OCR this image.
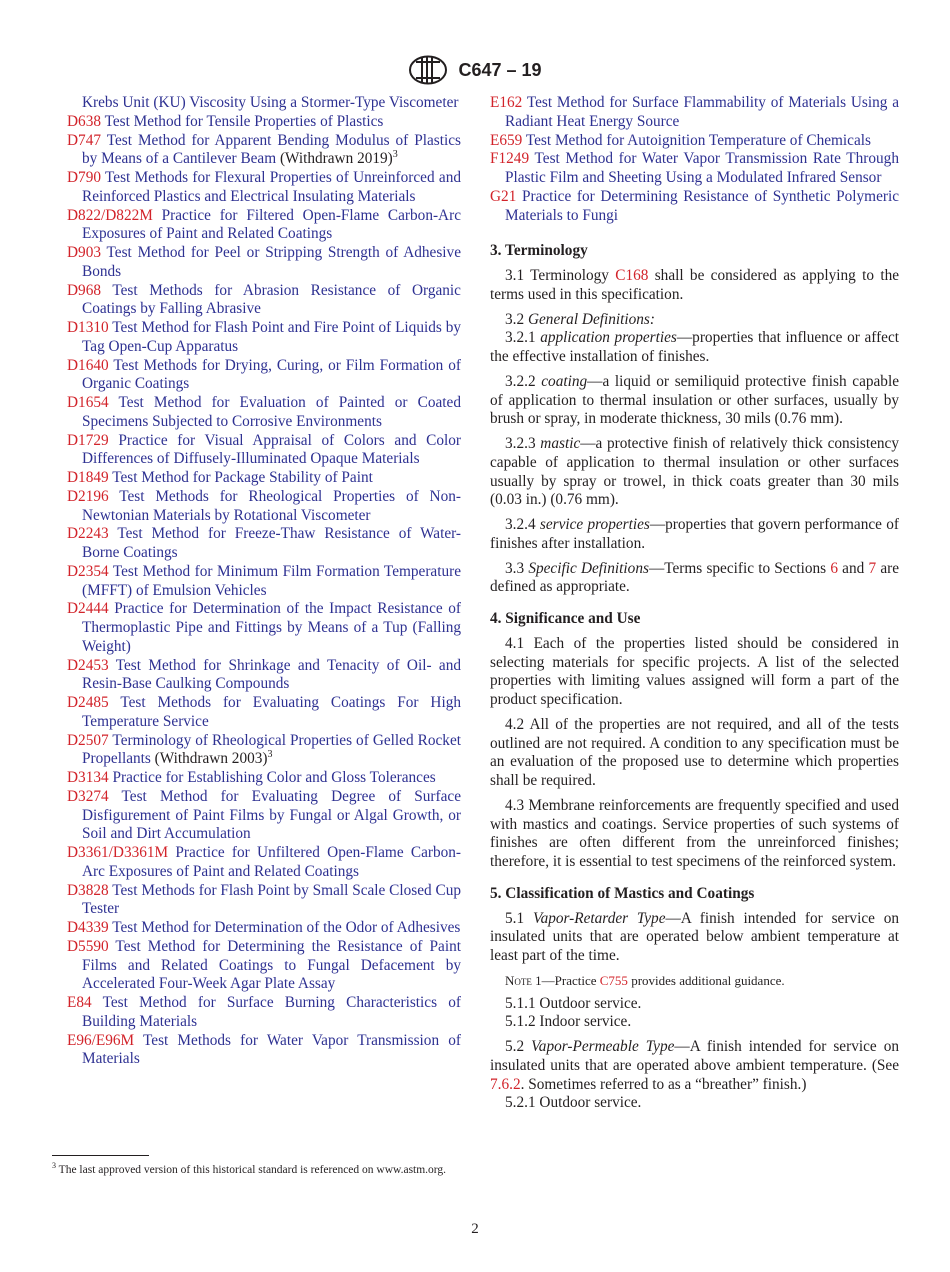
C647 – 19

Krebs Unit (KU) Viscosity Using a Stormer-Type Viscometer

D638 Test Method for Tensile Properties of Plastics

D747 Test Method for Apparent Bending Modulus of Plastics by Means of a Cantilever Beam (Withdrawn 2019)$^3$

D790 Test Methods for Flexural Properties of Unreinforced and Reinforced Plastics and Electrical Insulating Materials

D822/D822M Practice for Filtered Open-Flame Carbon-Arc Exposures of Paint and Related Coatings

D903 Test Method for Peel or Stripping Strength of Adhesive Bonds

D968 Test Methods for Abrasion Resistance of Organic Coatings by Falling Abrasive

D1310 Test Method for Flash Point and Fire Point of Liquids by Tag Open-Cup Apparatus

D1640 Test Methods for Drying, Curing, or Film Formation of Organic Coatings

D1654 Test Method for Evaluation of Painted or Coated Specimens Subjected to Corrosive Environments

D1729 Practice for Visual Appraisal of Colors and Color Differences of Diffusely-Illuminated Opaque Materials

D1849 Test Method for Package Stability of Paint

D2196 Test Methods for Rheological Properties of Non-Newtonian Materials by Rotational Viscometer

D2243 Test Method for Freeze-Thaw Resistance of Water-Borne Coatings

D2354 Test Method for Minimum Film Formation Temperature (MFFT) of Emulsion Vehicles

D2444 Practice for Determination of the Impact Resistance of Thermoplastic Pipe and Fittings by Means of a Tup (Falling Weight)

D2453 Test Method for Shrinkage and Tenacity of Oil- and Resin-Base Caulking Compounds

D2485 Test Methods for Evaluating Coatings For High Temperature Service

D2507 Terminology of Rheological Properties of Gelled Rocket Propellants (Withdrawn 2003)$^3$

D3134 Practice for Establishing Color and Gloss Tolerances

D3274 Test Method for Evaluating Degree of Surface Disfigurement of Paint Films by Fungal or Algal Growth, or Soil and Dirt Accumulation

D3361/D3361M Practice for Unfiltered Open-Flame Carbon-Arc Exposures of Paint and Related Coatings

D3828 Test Methods for Flash Point by Small Scale Closed Cup Tester

D4339 Test Method for Determination of the Odor of Adhesives

D5590 Test Method for Determining the Resistance of Paint Films and Related Coatings to Fungal Defacement by Accelerated Four-Week Agar Plate Assay

E84 Test Method for Surface Burning Characteristics of Building Materials

E96/E96M Test Methods for Water Vapor Transmission of Materials

E162 Test Method for Surface Flammability of Materials Using a Radiant Heat Energy Source

E659 Test Method for Autoignition Temperature of Chemicals

F1249 Test Method for Water Vapor Transmission Rate Through Plastic Film and Sheeting Using a Modulated Infrared Sensor

G21 Practice for Determining Resistance of Synthetic Polymeric Materials to Fungi

3. Terminology

3.1 Terminology C168 shall be considered as applying to the terms used in this specification.

3.2 General Definitions:

3.2.1 application properties—properties that influence or affect the effective installation of finishes.

3.2.2 coating—a liquid or semiliquid protective finish capable of application to thermal insulation or other surfaces, usually by brush or spray, in moderate thickness, 30 mils (0.76 mm).

3.2.3 mastic—a protective finish of relatively thick consistency capable of application to thermal insulation or other surfaces usually by spray or trowel, in thick coats greater than 30 mils (0.03 in.) (0.76 mm).

3.2.4 service properties—properties that govern performance of finishes after installation.

3.3 Specific Definitions—Terms specific to Sections 6 and 7 are defined as appropriate.

4. Significance and Use

4.1 Each of the properties listed should be considered in selecting materials for specific projects. A list of the selected properties with limiting values assigned will form a part of the product specification.

4.2 All of the properties are not required, and all of the tests outlined are not required. A condition to any specification must be an evaluation of the proposed use to determine which properties shall be required.

4.3 Membrane reinforcements are frequently specified and used with mastics and coatings. Service properties of such systems of finishes are often different from the unreinforced finishes; therefore, it is essential to test specimens of the reinforced system.

5. Classification of Mastics and Coatings

5.1 Vapor-Retarder Type—A finish intended for service on insulated units that are operated below ambient temperature at least part of the time.

Note 1—Practice C755 provides additional guidance.

5.1.1 Outdoor service.

5.1.2 Indoor service.

5.2 Vapor-Permeable Type—A finish intended for service on insulated units that are operated above ambient temperature. (See 7.6.2. Sometimes referred to as a “breather” finish.)

5.2.1 Outdoor service.

$^3$ The last approved version of this historical standard is referenced on www.astm.org.
2
